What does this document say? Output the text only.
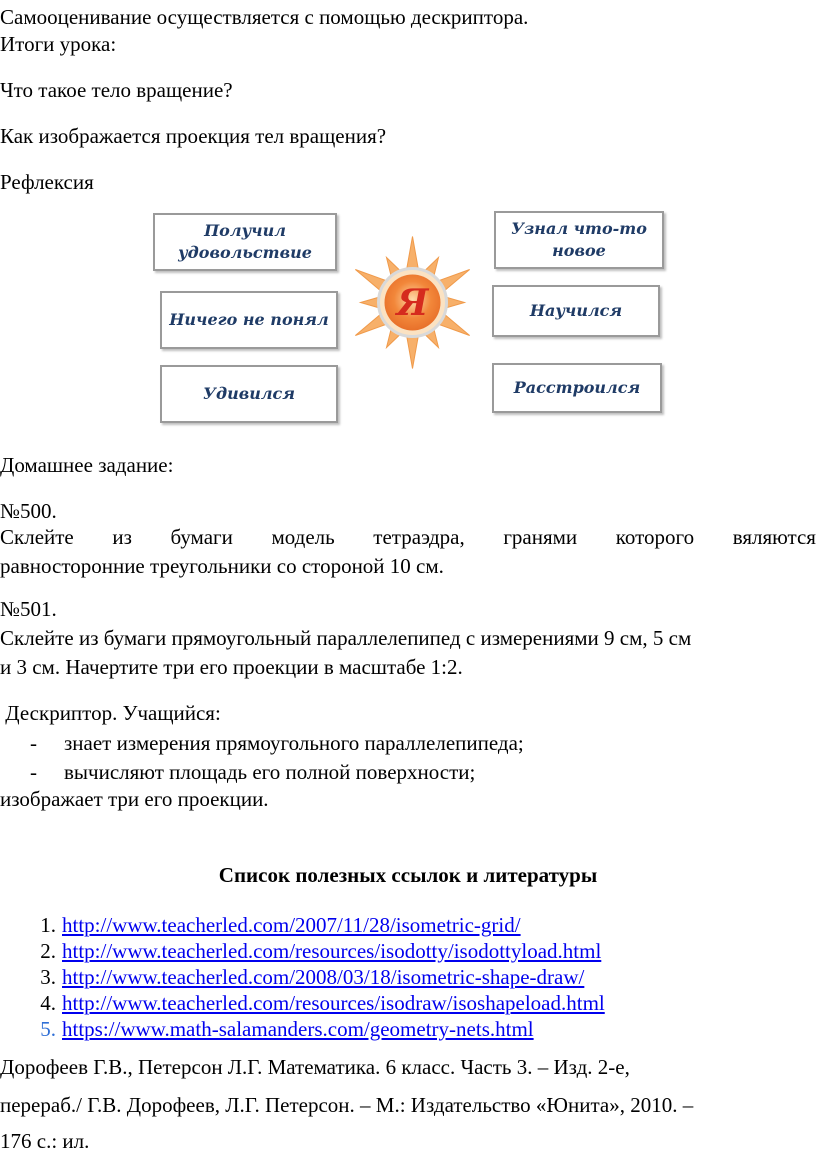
Самооценивание осуществляется с помощью дескриптора.
Итоги урока:
Что такое тело вращение?
Как изображается проекция тел вращения?
Рефлексия
Получил
удовольствие
Узнал что-то
новое
Ничего не понял	Научился
Удивился	Расстроился
Я
Домашнее задание:
№500.
Склейте из бумаги модель тетраэдра, гранями которого вяляются
равносторонние треугольники со стороной 10 см.
№501.
Склейте из бумаги прямоугольный параллелепипед с измерениями 9 см, 5 см
и 3 см. Начертите три его проекции в масштабе 1:2.
Дескриптор. Учащийся:
- знает измерения прямоугольного параллелепипеда;
- вычисляют площадь его полной поверхности;
изображает три его проекции.
Список полезных ссылок и литературы
1. http://www.teacherled.com/2007/11/28/isometric-grid/
2. http://www.teacherled.com/resources/isodotty/isodottyload.html
3. http://www.teacherled.com/2008/03/18/isometric-shape-draw/
4. http://www.teacherled.com/resources/isodraw/isoshapeload.html
5. https://www.math-salamanders.com/geometry-nets.html
Дорофеев Г.В., Петерсон Л.Г. Математика. 6 класс. Часть 3. – Изд. 2-е,
перераб./ Г.В. Дорофеев, Л.Г. Петерсон. – М.: Издательство «Юнита», 2010. –
176 с.: ил.
